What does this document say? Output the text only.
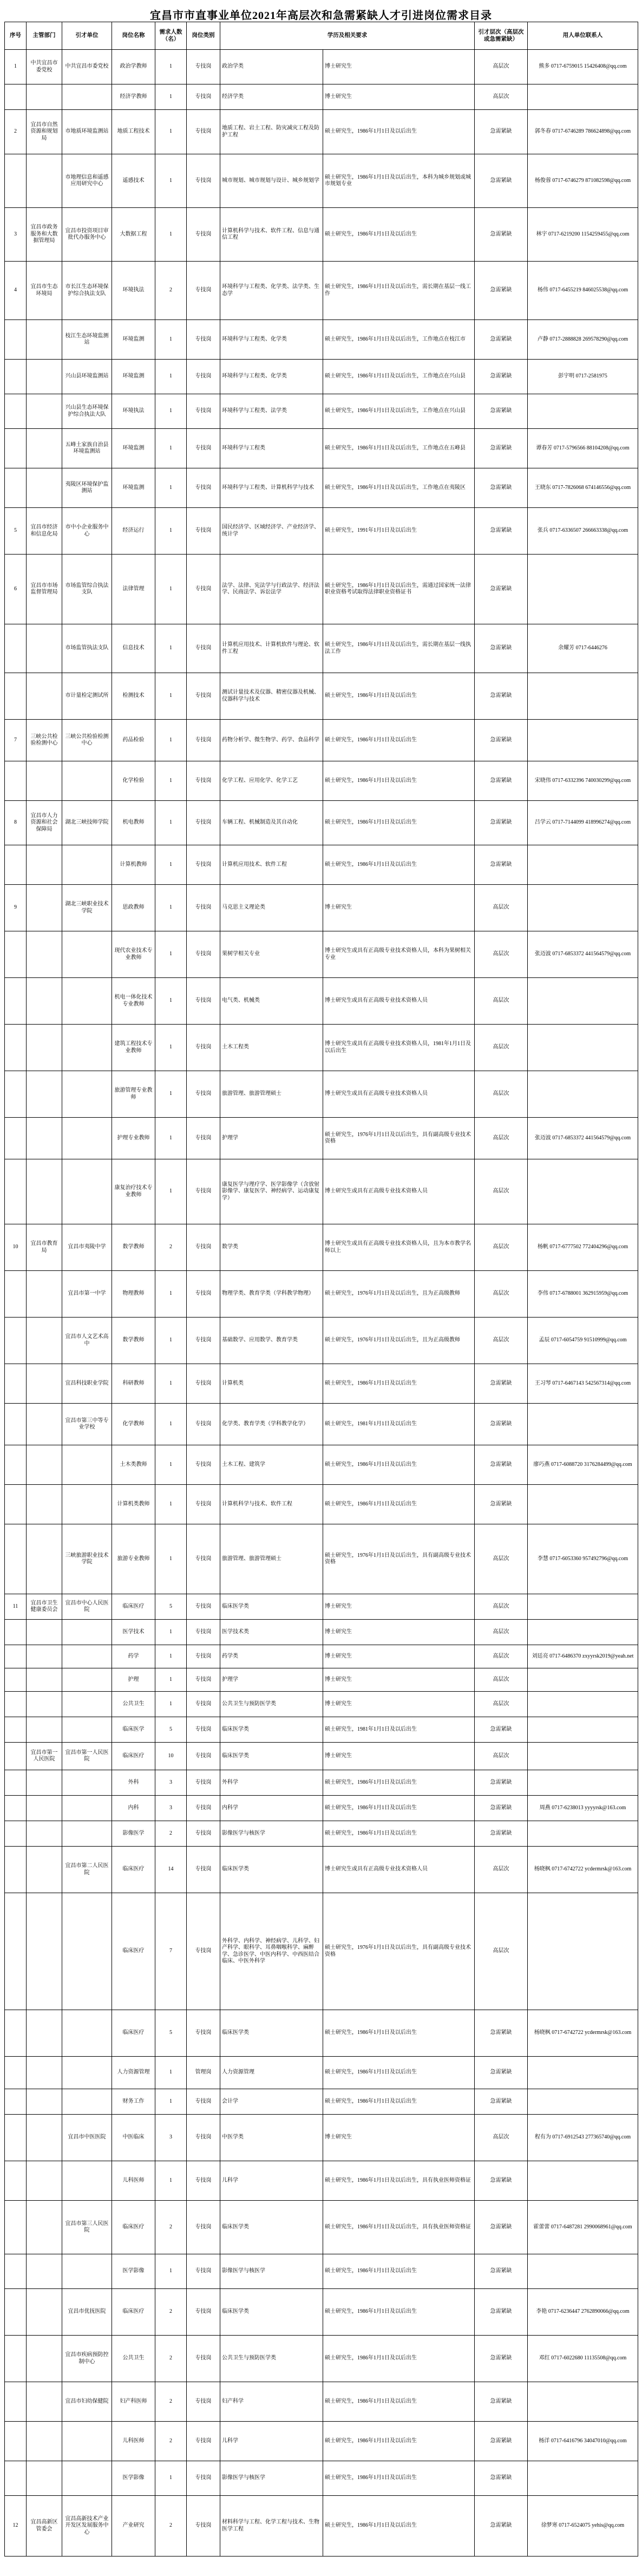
宜昌市市直事业单位2021年高层次和急需紧缺人才引进岗位需求目录
序号	主管部门	引才单位	岗位名称	需求人数（名）	岗位类别	学历及相关要求		引才层次（高层次或急需紧缺）	用人单位联系人
1	中共宜昌市委党校	中共宜昌市委党校	政治学教师	1	专技岗	政治学类	博士研究生	高层次	熊多 0717-6759015 15426408@qq.com
			经济学教师	1	专技岗	经济学类	博士研究生	高层次	
2	宜昌市自然资源和规划局	市地质环境监测站	地质工程技术	1	专技岗	地质工程、岩土工程、防灾减灾工程及防护工程	硕士研究生，1986年1月1日及以后出生	急需紧缺	郭冬春 0717-6746289 786624898@qq.com
		市地理信息和遥感应用研究中心	遥感技术	1	专技岗	城市规划、城市规划与设计、城乡规划学	硕士研究生，1986年1月1日及以后出生，本科为城乡规划或城市规划专业	急需紧缺	杨俊蓉 0717-6746279 871082598@qq.com
3	宜昌市政务服务和大数据管理局	宜昌市投资项目审批代办服务中心	大数据工程	1	专技岗	计算机科学与技术、软件工程、信息与通信工程	硕士研究生，1986年1月1日及以后出生	急需紧缺	林宇 0717-6219200 1154259455@qq.com
4	宜昌市生态环境局	市长江生态环境保护综合执法支队	环境执法	2	专技岗	环境科学与工程类、化学类、法学类、生态学	硕士研究生，1986年1月1日及以后出生，需长期在基层一线工作	急需紧缺	杨伟 0717-6455219 846025538@qq.com
		枝江生态环境监测站	环境监测	1	专技岗	环境科学与工程类、化学类	硕士研究生，1986年1月1日及以后出生，工作地点在枝江市	急需紧缺	卢静 0717-2888828 269578290@qq.com
		兴山县环境监测站	环境监测	1	专技岗	环境科学与工程类、化学类	硕士研究生，1986年1月1日及以后出生，工作地点在兴山县	急需紧缺	彭宇明 0717-2581975
		兴山县生态环境保护综合执法大队	环境执法	1	专技岗	环境科学与工程类、法学类	硕士研究生，1986年1月1日及以后出生，工作地点在兴山县	急需紧缺	
		五峰土家族自治县环境监测站	环境监测	1	专技岗	环境科学与工程类	硕士研究生，1986年1月1日及以后出生，工作地点在五峰县	急需紧缺	谭春芳 0717-5796566 88104208@qq.com
		夷陵区环境保护监测站	环境监测	1	专技岗	环境科学与工程类、计算机科学与技术	硕士研究生，1986年1月1日及以后出生，工作地点在夷陵区	急需紧缺	王晓东 0717-7826068 674146556@qq.com
5	宜昌市经济和信息化局	市中小企业服务中心	经济运行	1	专技岗	国民经济学、区域经济学、产业经济学、统计学	硕士研究生，1991年1月1日及以后出生	急需紧缺	张兵 0717-6336507 266663338@qq.com
6	宜昌市市场监督管理局	市场监管综合执法支队	法律管理	1	专技岗	法学、法律、宪法学与行政法学、经济法学、民商法学、诉讼法学	硕士研究生，1986年1月1日及以后出生，需通过国家统一法律职业资格考试取得法律职业资格证书	急需紧缺	
		市场监管执法支队	信息技术	1	专技岗	计算机应用技术、计算机软件与理论、软件工程	硕士研究生，1986年1月1日及以后出生，需长期在基层一线执法工作	急需紧缺	余耀芳 0717-6446276
		市计量检定测试所	检测技术	1	专技岗	测试计量技术及仪器、精密仪器及机械、仪器科学与技术	硕士研究生，1986年1月1日及以后出生	急需紧缺	
7	三峡公共检验检测中心	三峡公共检验检测中心	药品检验	1	专技岗	药物分析学、微生物学、药学、食品科学	硕士研究生，1986年1月1日及以后出生	急需紧缺	
			化学检验	1	专技岗	化学工程、应用化学、化学工艺	硕士研究生，1986年1月1日及以后出生	急需紧缺	宋晓伟 0717-6332396 740030299@qq.com
8	宜昌市人力资源和社会保障局	湖北三峡技师学院	机电教师	1	专技岗	车辆工程、机械制造及其自动化	硕士研究生，1986年1月1日及以后出生	急需紧缺	吕学云 0717-7144099 418996274@qq.com
			计算机教师	1	专技岗	计算机应用技术、软件工程	硕士研究生，1986年1月1日及以后出生	急需紧缺	
9		湖北三峡职业技术学院	思政教师	1	专技岗	马克思主义理论类	博士研究生	高层次	
			现代农业技术专业教师	1	专技岗	果树学相关专业	博士研究生或具有正高级专业技术资格人员，本科为果树相关专业	高层次	张迈波 0717-6853372 441564579@qq.com
			机电一体化技术专业教师	1	专技岗	电气类、机械类	博士研究生或具有正高级专业技术资格人员	高层次	
			建筑工程技术专业教师	1	专技岗	土木工程类	博士研究生或具有正高级专业技术资格人员，1981年1月1日及以后出生	高层次	
			旅游管理专业教师	1	专技岗	旅游管理、旅游管理硕士	博士研究生或具有正高级专业技术资格人员	高层次	
			护理专业教师	1	专技岗	护理学	硕士研究生，1976年1月1日及以后出生，具有副高级专业技术资格	高层次	张迈波 0717-6853372 441564579@qq.com
			康复治疗技术专业教师	1	专技岗	康复医学与理疗学、医学影像学（含放射影像学、康复医学、神经病学、运动康复学）	博士研究生或具有正高级专业技术资格人员	高层次	
10	宜昌市教育局	宜昌市夷陵中学	数学教师	2	专技岗	数学类	博士研究生或具有正高级专业技术资格人员，且为本市教学名师以上	高层次	杨帆 0717-6777502 772404296@qq.com
		宜昌市第一中学	物理教师	1	专技岗	物理学类、教育学类（学科教学物理）	硕士研究生，1976年1月1日及以后出生，且为正高级教师	高层次	李伟 0717-6788001 362915959@qq.com
		宜昌市人文艺术高中	数学教师	1	专技岗	基础数学、应用数学、教育学类	硕士研究生，1976年1月1日及以后出生，且为正高级教师	高层次	孟辰 0717-6054759 91510999@qq.com
		宜昌科技职业学院	科研教师	1	专技岗	计算机类	硕士研究生，1986年1月1日及以后出生	急需紧缺	王习琴 0717-6467143 542567314@qq.com
		宜昌市第三中等专业学校	化学教师	1	专技岗	化学类、教育学类（学科教学化学）	硕士研究生，1981年1月1日及以后出生	急需紧缺	
			土木类教师	1	专技岗	土木工程、建筑学	硕士研究生，1986年1月1日及以后出生	急需紧缺	廖巧燕 0717-6088720 3176284499@qq.com
			计算机类教师	1	专技岗	计算机科学与技术、软件工程	硕士研究生，1986年1月1日及以后出生	急需紧缺	
		三峡旅游职业技术学院	旅游专业教师	1	专技岗	旅游管理、旅游管理硕士	硕士研究生，1976年1月1日及以后出生，具有副高级专业技术资格	高层次	李慧 0717-6053360 957492796@qq.com
11	宜昌市卫生健康委员会	宜昌市中心人民医院	临床医疗	5	专技岗	临床医学类	博士研究生	高层次	
			医学技术	1	专技岗	医学技术类	博士研究生	高层次	
			药学	1	专技岗	药学类	博士研究生	高层次	刘廷亮 0717-6486370 zxyyrsk2019@yeah.net
			护理	1	专技岗	护理学	博士研究生	高层次	
			公共卫生	1	专技岗	公共卫生与预防医学类	博士研究生	高层次	
			临床医学	5	专技岗	临床医学类	硕士研究生，1981年1月1日及以后出生	急需紧缺	
	宜昌市第一人民医院	宜昌市第一人民医院	临床医疗	10	专技岗	临床医学类	博士研究生	高层次	
			外科	3	专技岗	外科学	硕士研究生，1986年1月1日及以后出生	急需紧缺	
			内科	3	专技岗	内科学	硕士研究生，1986年1月1日及以后出生	急需紧缺	周燕 0717-6238013 yyyyrsk@163.com
			影像医学	2	专技岗	影像医学与核医学	硕士研究生，1986年1月1日及以后出生	急需紧缺	
		宜昌市第二人民医院	临床医疗	14	专技岗	临床医学类	博士研究生或具有正高级专业技术资格人员	高层次	杨晓枫 0717-6742722 ycdermrsk@163.com
			临床医疗	7	专技岗	外科学、内科学、神经病学、儿科学、妇产科学、眼科学、耳鼻咽喉科学、麻醉学、急诊医学、中医内科学、中西医结合临床、中医外科学	硕士研究生，1976年1月1日及以后出生，具有副高级专业技术资格	高层次	
			临床医疗	5	专技岗	临床医学类	硕士研究生，1986年1月1日及以后出生	急需紧缺	杨晓枫 0717-6742722 ycdermrsk@163.com
			人力资源管理	1	管理岗	人力资源管理	硕士研究生，1986年1月1日及以后出生	急需紧缺	
			财务工作	1	专技岗	会计学	硕士研究生，1986年1月1日及以后出生	急需紧缺	
		宜昌市中医医院	中医临床	3	专技岗	中医学类	博士研究生	高层次	程有为 0717-6912543 277365740@qq.com
			儿科医师	1	专技岗	儿科学	硕士研究生，1986年1月1日及以后出生，具有执业医师资格证	急需紧缺	
		宜昌市第三人民医院	临床医疗	2	专技岗	临床医学类	硕士研究生，1986年1月1日及以后出生，具有执业医师资格证	急需紧缺	霍蕾蕾 0717-6487281 2990068961@qq.com
			医学影像	1	专技岗	影像医学与核医学	硕士研究生，1986年1月1日及以后出生	急需紧缺	
		宜昌市优抚医院	临床医疗	2	专技岗	临床医学类	硕士研究生，1986年1月1日及以后出生	急需紧缺	李艳 0717-6236447 2762890066@qq.com
		宜昌市疾病预防控制中心	公共卫生	2	专技岗	公共卫生与预防医学类	硕士研究生，1986年1月1日及以后出生	急需紧缺	邓红 0717-6022680 11135508@qq.com
		宜昌市妇幼保健院	妇产科医师	2	专技岗	妇产科学	硕士研究生，1986年1月1日及以后出生	急需紧缺	
			儿科医师	2	专技岗	儿科学	硕士研究生，1986年1月1日及以后出生	急需紧缺	杨洋 0717-6416796 34047010@qq.com
			医学影像	1	专技岗	影像医学与核医学	硕士研究生，1986年1月1日及以后出生	急需紧缺	
12	宜昌高新区管委会	宜昌高新技术产业开发区发展服务中心	产业研究	2	专技岗	材料科学与工程、化学工程与技术、生物医学工程	硕士研究生，1986年1月1日及以后出生	急需紧缺	徐梦寒 0717-6524075 yehis@qq.com
